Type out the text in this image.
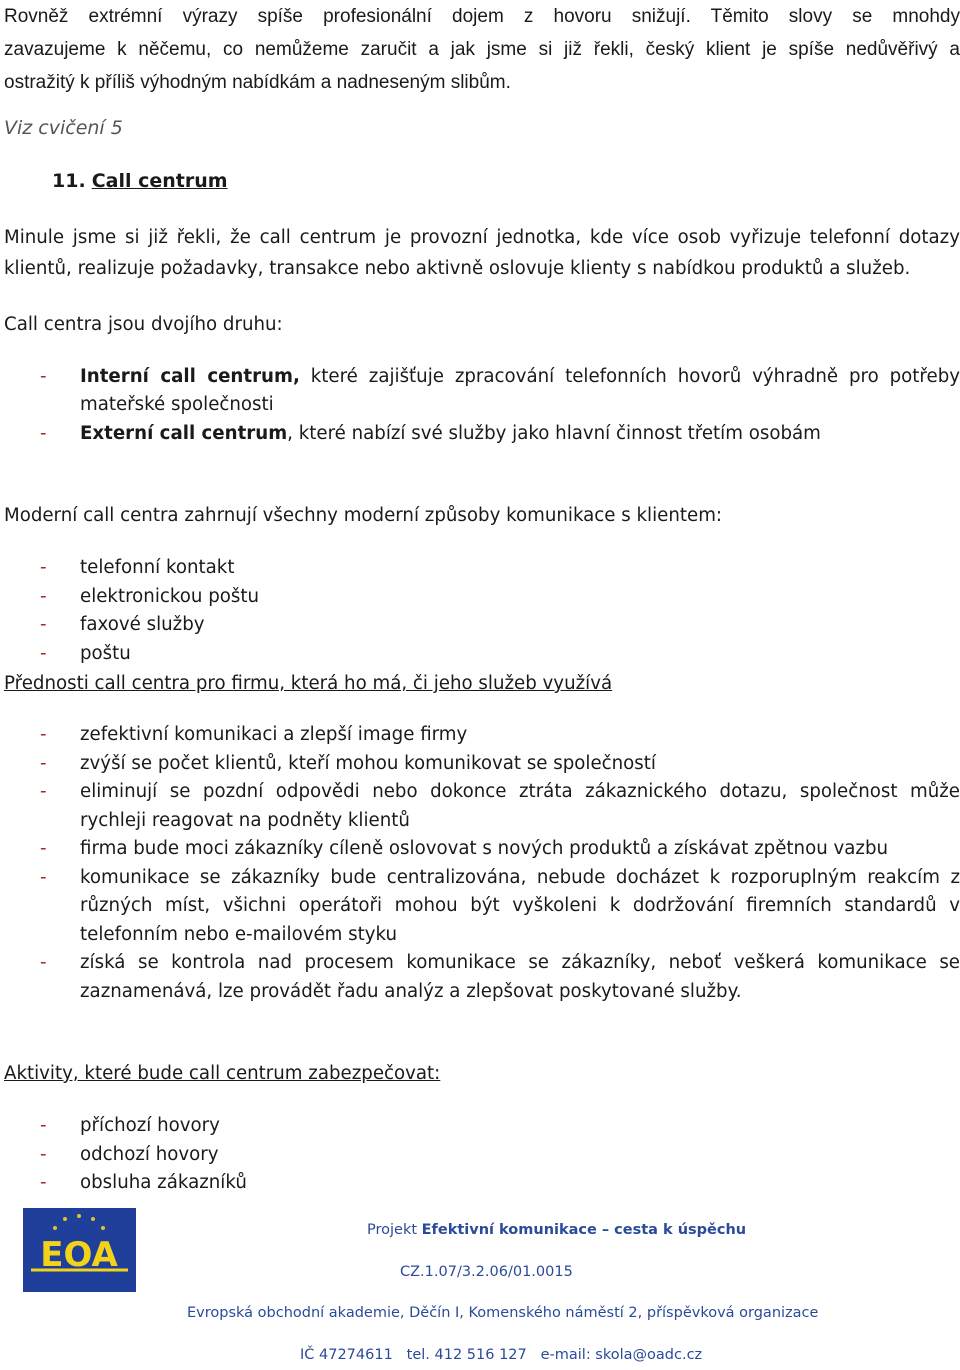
Rovněž extrémní výrazy spíše profesionální dojem z hovoru snižují. Těmito slovy se mnohdy
zavazujeme k něčemu, co nemůžeme zaručit a jak jsme si již řekli, český klient je spíše nedůvěřivý a
ostražitý k příliš výhodným nabídkám a nadneseným slibům.
Viz cvičení 5
11. Call centrum
Minule jsme si již řekli, že call centrum je provozní jednotka, kde více osob vyřizuje telefonní dotazy
klientů, realizuje požadavky, transakce nebo aktivně oslovuje klienty s nabídkou produktů a služeb.
Call centra jsou dvojího druhu:
- Interní call centrum, které zajišťuje zpracování telefonních hovorů výhradně pro potřeby
- Externí call centrum, které nabízí své služby jako hlavní činnost třetím osobám
mateřské společnosti
Moderní call centra zahrnují všechny moderní způsoby komunikace s klientem:
- telefonní kontakt
- elektronickou poštu
- faxové služby
- poštu
Přednosti call centra pro firmu, která ho má, či jeho služeb využívá
- zefektivní komunikaci a zlepší image firmy
- zvýší se počet klientů, kteří mohou komunikovat se společností
- eliminují se pozdní odpovědi nebo dokonce ztráta zákaznického dotazu, společnost může rychleji reagovat na podněty klientů
- firma bude moci zákazníky cíleně oslovovat s nových produktů a získávat zpětnou vazbu
- komunikace se zákazníky bude centralizována, nebude docházet k rozporuplným reakcím z různých míst, všichni operátoři mohou být vyškoleni k dodržování firemních standardů v telefonním nebo e-mailovém styku
- získá se kontrola nad procesem komunikace se zákazníky, neboť veškerá komunikace se zaznamenává, lze provádět řadu analýz a zlepšovat poskytované služby.
Aktivity, které bude call centrum zabezpečovat:
- příchozí hovory
- odchozí hovory
- obsluha zákazníků
EOA
Projekt Efektivní komunikace – cesta k úspěchu
CZ.1.07/3.2.06/01.0015
Evropská obchodní akademie, Děčín I, Komenského náměstí 2, příspěvková organizace
IČ 47274611 tel. 412 516 127 e-mail: skola@oadc.cz
